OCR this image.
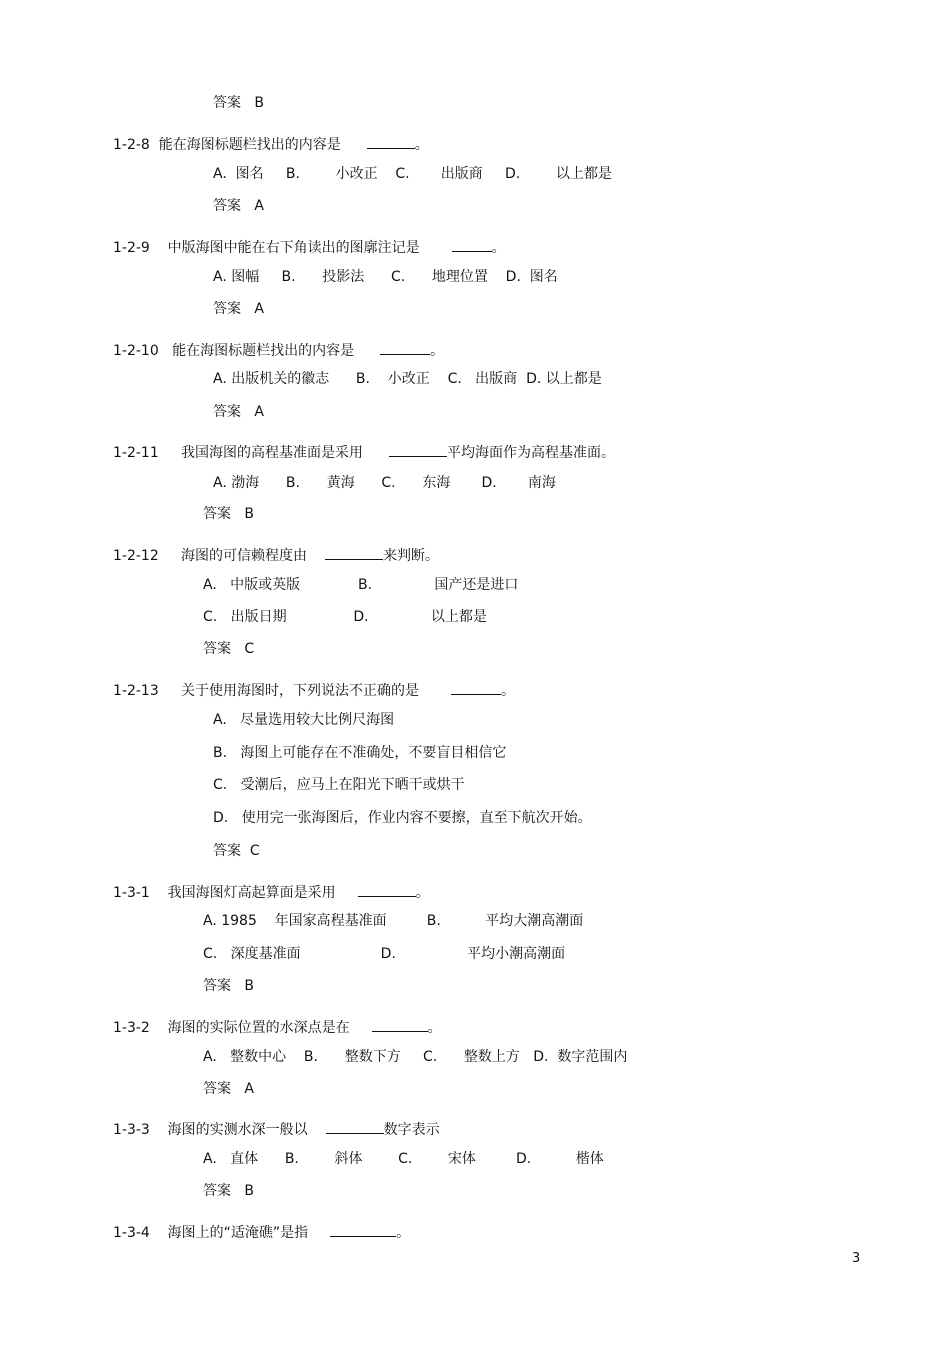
答案   B
1-2-8  能在海图标题栏找出的内容是	。
A.  图名     B.        小改正    C.       出版商     D.        以上都是
答案   A
1-2-9    中版海图中能在右下角读出的图廓注记是	。
A. 图幅     B.      投影法      C.      地理位置    D.  图名
答案   A
1-2-10   能在海图标题栏找出的内容是	。
A. 出版机关的徽志      B.    小改正    C.   出版商  D. 以上都是
答案   A
1-2-11     我国海图的高程基准面是采用	平均海面作为高程基准面。
A. 渤海      B.      黄海      C.      东海       D.       南海
答案   B
1-2-12     海图的可信赖程度由	来判断。
A.   中版或英版             B.              国产还是进口
C.   出版日期               D.              以上都是
答案   C
1-2-13     关于使用海图时，下列说法不正确的是	。
A.   尽量选用较大比例尺海图
B.   海图上可能存在不准确处，不要盲目相信它
C.   受潮后，应马上在阳光下晒干或烘干
D.   使用完一张海图后，作业内容不要擦，直至下航次开始。
答案  C
1-3-1    我国海图灯高起算面是采用	。
A. 1985    年国家高程基准面         B.          平均大潮高潮面
C.   深度基准面                  D.                平均小潮高潮面
答案   B
1-3-2    海图的实际位置的水深点是在	。
A.   整数中心    B.      整数下方     C.      整数上方   D.  数字范围内
答案   A
1-3-3    海图的实测水深一般以	数字表示
A.   直体      B.        斜体        C.        宋体         D.          楷体
答案   B
1-3-4    海图上的“适淹礁”是指	。
3
